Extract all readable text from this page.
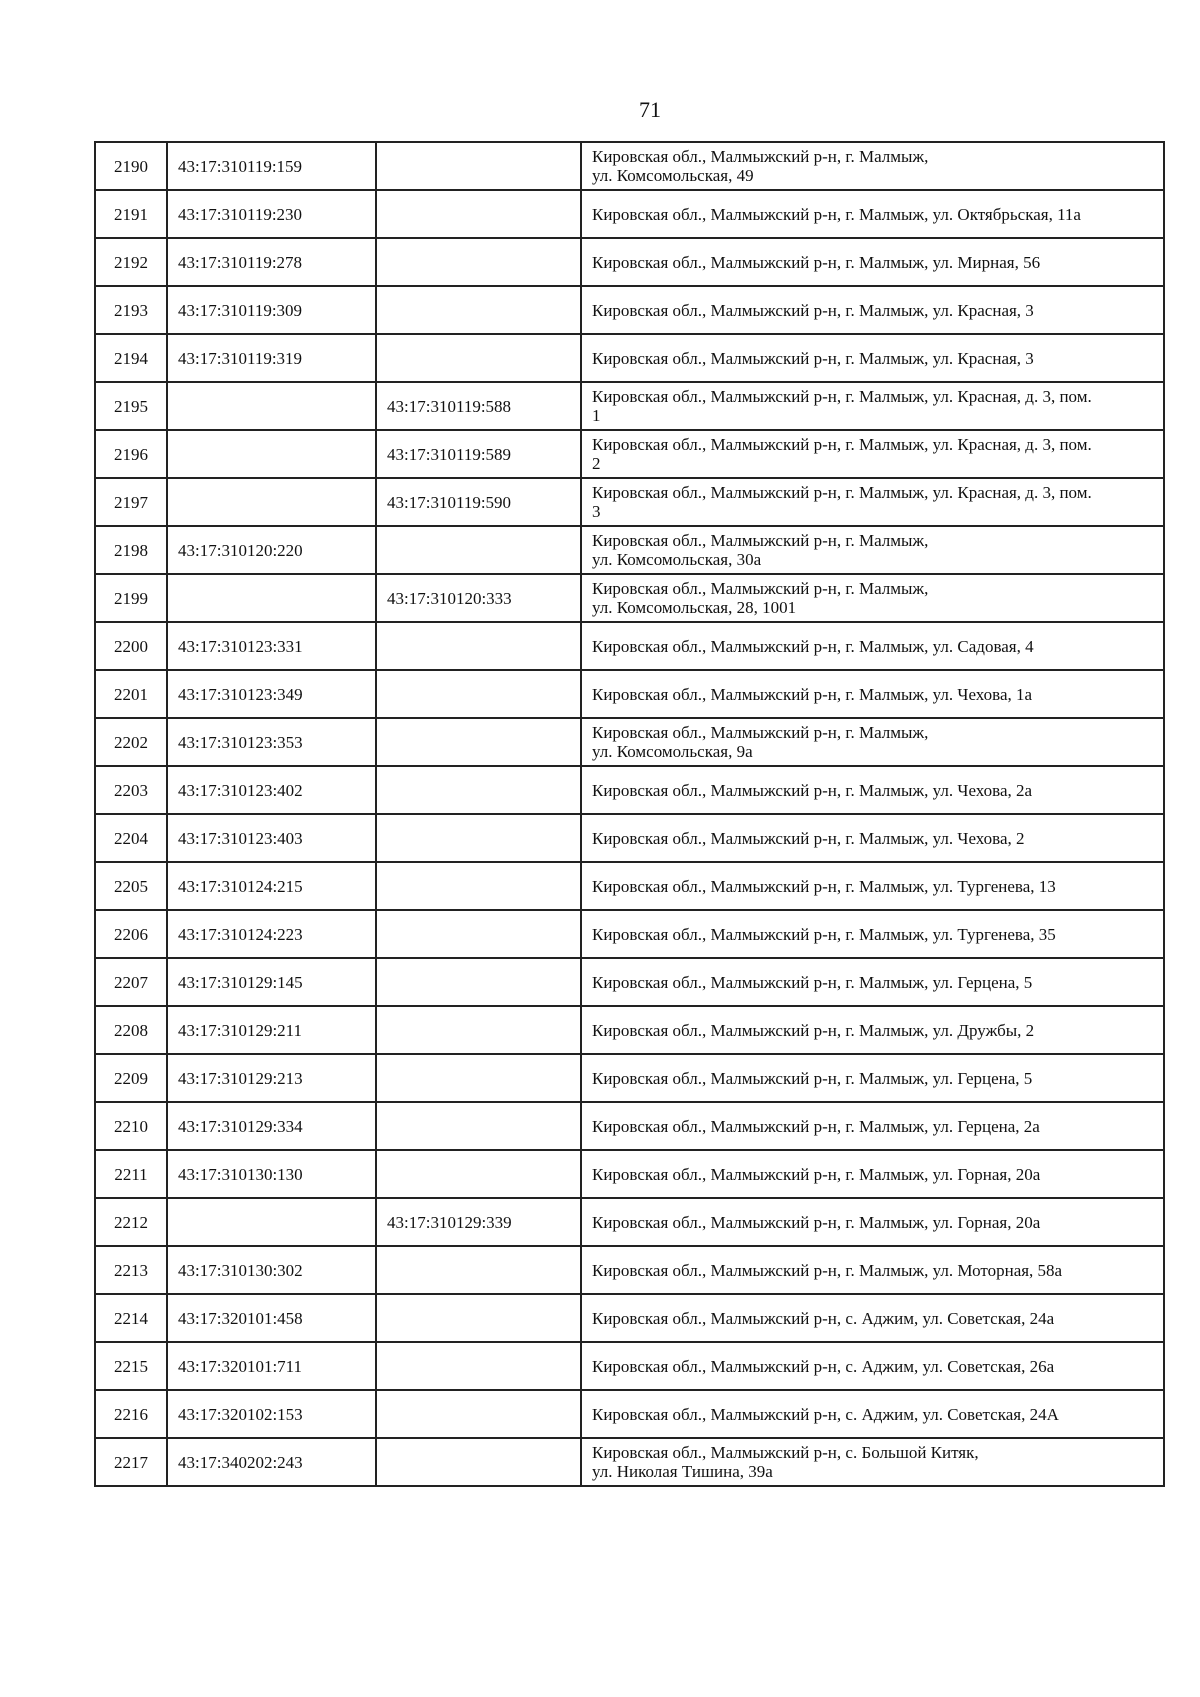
71
2190	43:17:310119:159		Кировская обл., Малмыжский р-н, г. Малмыж,
ул. Комсомольская, 49
2191	43:17:310119:230		Кировская обл., Малмыжский р-н, г. Малмыж, ул. Октябрьская, 11а
2192	43:17:310119:278		Кировская обл., Малмыжский р-н, г. Малмыж, ул. Мирная, 56
2193	43:17:310119:309		Кировская обл., Малмыжский р-н, г. Малмыж, ул. Красная, 3
2194	43:17:310119:319		Кировская обл., Малмыжский р-н, г. Малмыж, ул. Красная, 3
2195		43:17:310119:588	Кировская обл., Малмыжский р-н, г. Малмыж, ул. Красная, д. 3, пом.
1
2196		43:17:310119:589	Кировская обл., Малмыжский р-н, г. Малмыж, ул. Красная, д. 3, пом.
2
2197		43:17:310119:590	Кировская обл., Малмыжский р-н, г. Малмыж, ул. Красная, д. 3, пом.
3
2198	43:17:310120:220		Кировская обл., Малмыжский р-н, г. Малмыж,
ул. Комсомольская, 30а
2199		43:17:310120:333	Кировская обл., Малмыжский р-н, г. Малмыж,
ул. Комсомольская, 28, 1001
2200	43:17:310123:331		Кировская обл., Малмыжский р-н, г. Малмыж, ул. Садовая, 4
2201	43:17:310123:349		Кировская обл., Малмыжский р-н, г. Малмыж, ул. Чехова, 1а
2202	43:17:310123:353		Кировская обл., Малмыжский р-н, г. Малмыж,
ул. Комсомольская, 9а
2203	43:17:310123:402		Кировская обл., Малмыжский р-н, г. Малмыж, ул. Чехова, 2а
2204	43:17:310123:403		Кировская обл., Малмыжский р-н, г. Малмыж, ул. Чехова, 2
2205	43:17:310124:215		Кировская обл., Малмыжский р-н, г. Малмыж, ул. Тургенева, 13
2206	43:17:310124:223		Кировская обл., Малмыжский р-н, г. Малмыж, ул. Тургенева, 35
2207	43:17:310129:145		Кировская обл., Малмыжский р-н, г. Малмыж, ул. Герцена, 5
2208	43:17:310129:211		Кировская обл., Малмыжский р-н, г. Малмыж, ул. Дружбы, 2
2209	43:17:310129:213		Кировская обл., Малмыжский р-н, г. Малмыж, ул. Герцена, 5
2210	43:17:310129:334		Кировская обл., Малмыжский р-н, г. Малмыж, ул. Герцена, 2а
2211	43:17:310130:130		Кировская обл., Малмыжский р-н, г. Малмыж, ул. Горная, 20а
2212		43:17:310129:339	Кировская обл., Малмыжский р-н, г. Малмыж, ул. Горная, 20а
2213	43:17:310130:302		Кировская обл., Малмыжский р-н, г. Малмыж, ул. Моторная, 58а
2214	43:17:320101:458		Кировская обл., Малмыжский р-н, с. Аджим, ул. Советская, 24а
2215	43:17:320101:711		Кировская обл., Малмыжский р-н, с. Аджим, ул. Советская, 26а
2216	43:17:320102:153		Кировская обл., Малмыжский р-н, с. Аджим, ул. Советская, 24А
2217	43:17:340202:243		Кировская обл., Малмыжский р-н, с. Большой Китяк,
ул. Николая Тишина, 39а
